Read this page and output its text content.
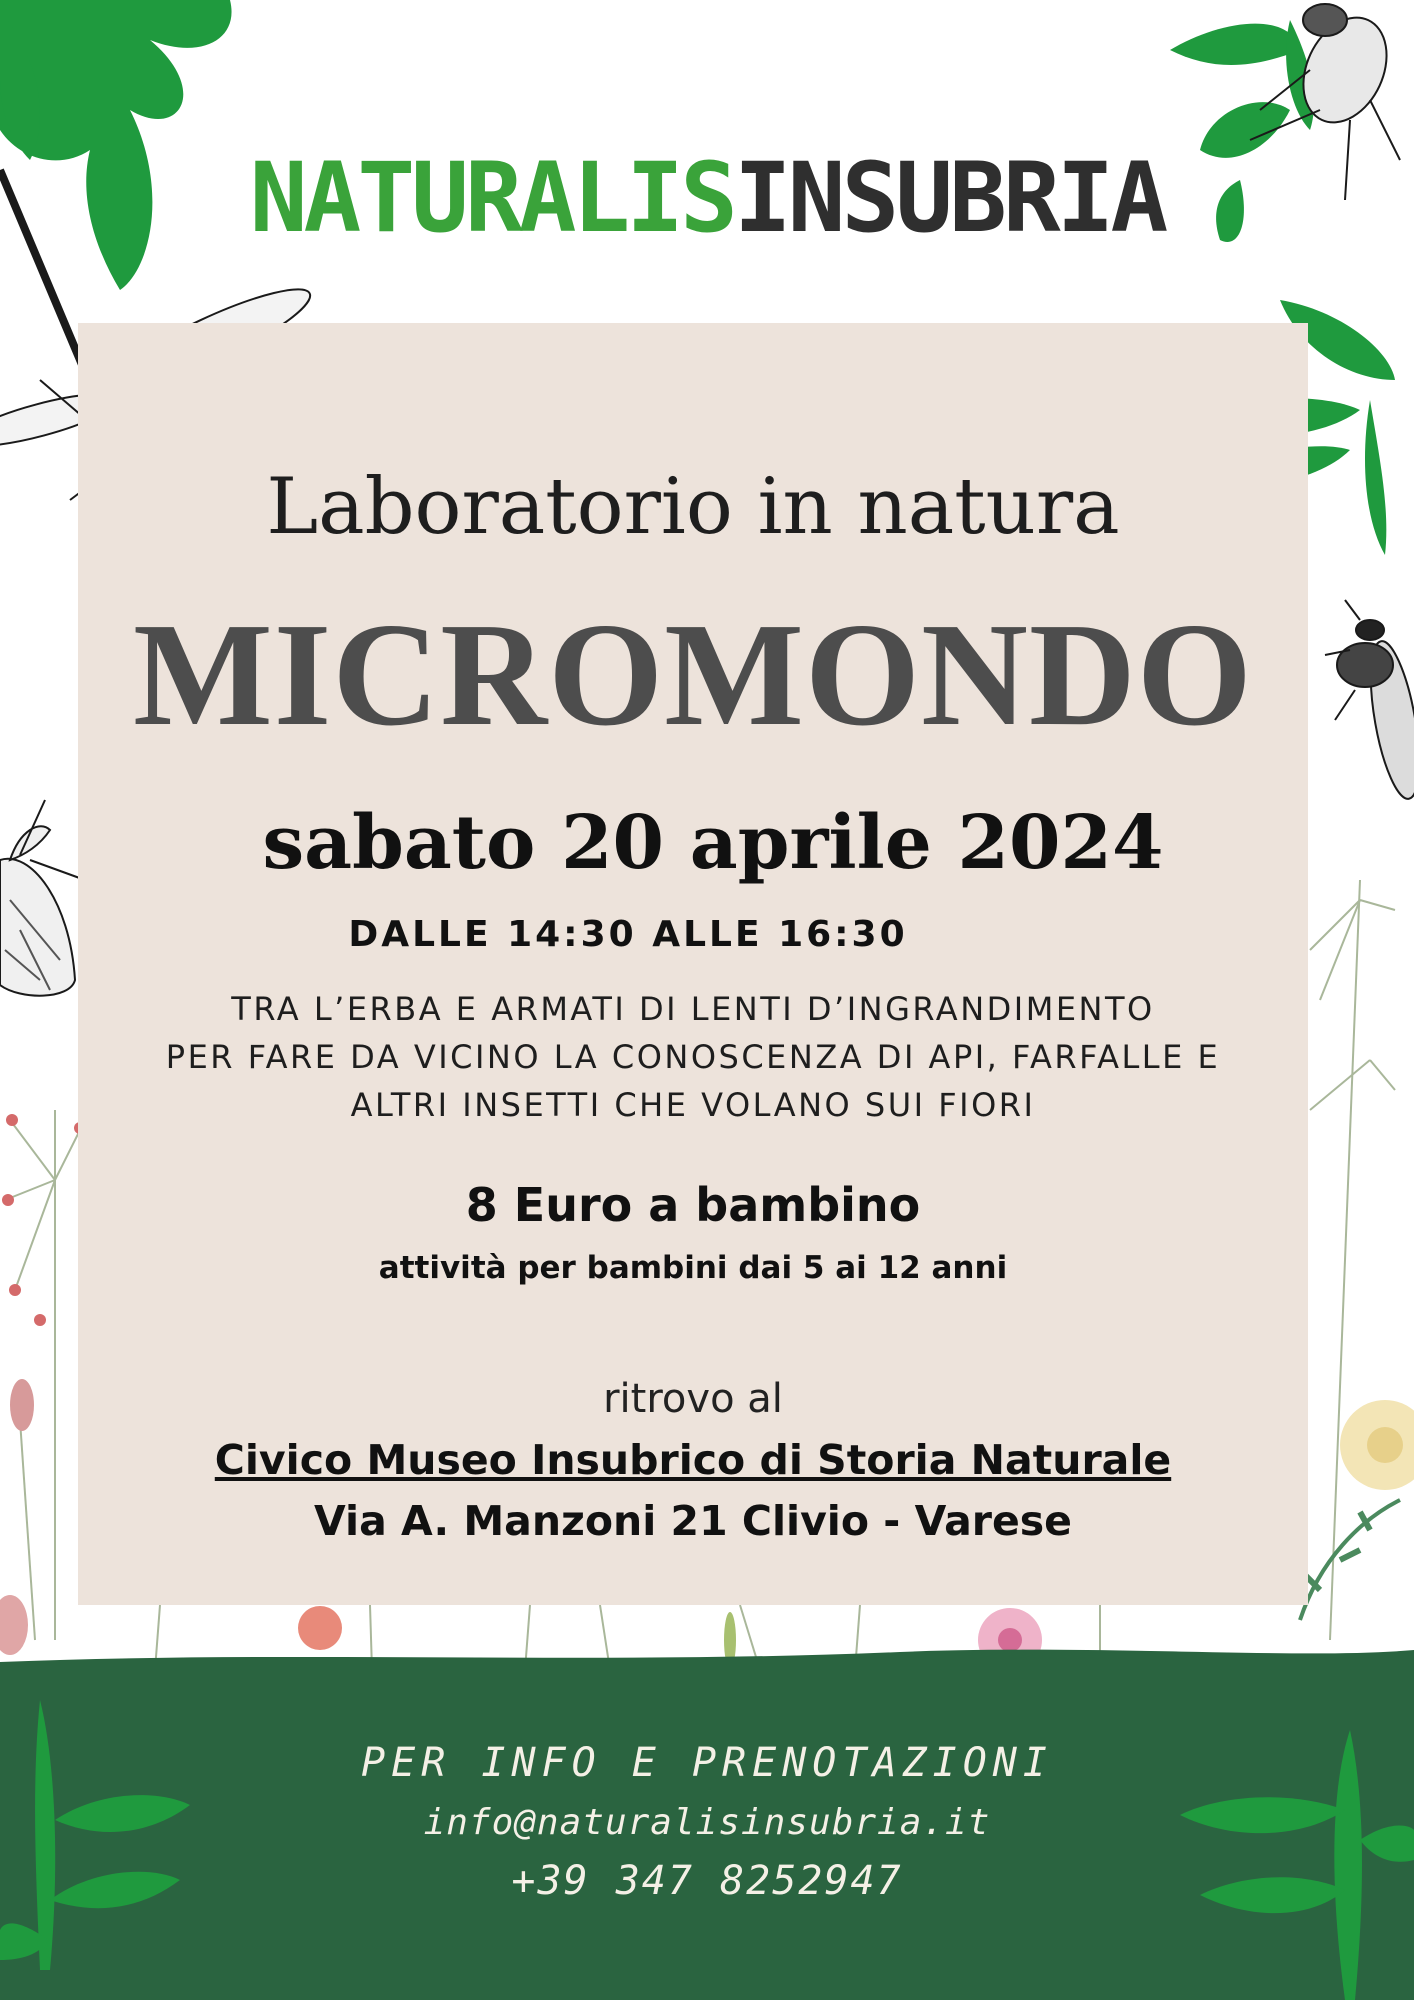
NATURALISINSUBRIA
Laboratorio in natura
MICROMONDO
sabato 20 aprile 2024
DALLE 14:30 ALLE 16:30
TRA L’ERBA E ARMATI DI LENTI D’INGRANDIMENTO
PER FARE DA VICINO LA CONOSCENZA DI API, FARFALLE E
ALTRI INSETTI CHE VOLANO SUI FIORI
8 Euro a bambino
attività per bambini dai 5 ai 12 anni
ritrovo al
Civico Museo Insubrico di Storia Naturale
Via A. Manzoni 21 Clivio - Varese
PER INFO E PRENOTAZIONI
info@naturalisinsubria.it
+39 347 8252947
